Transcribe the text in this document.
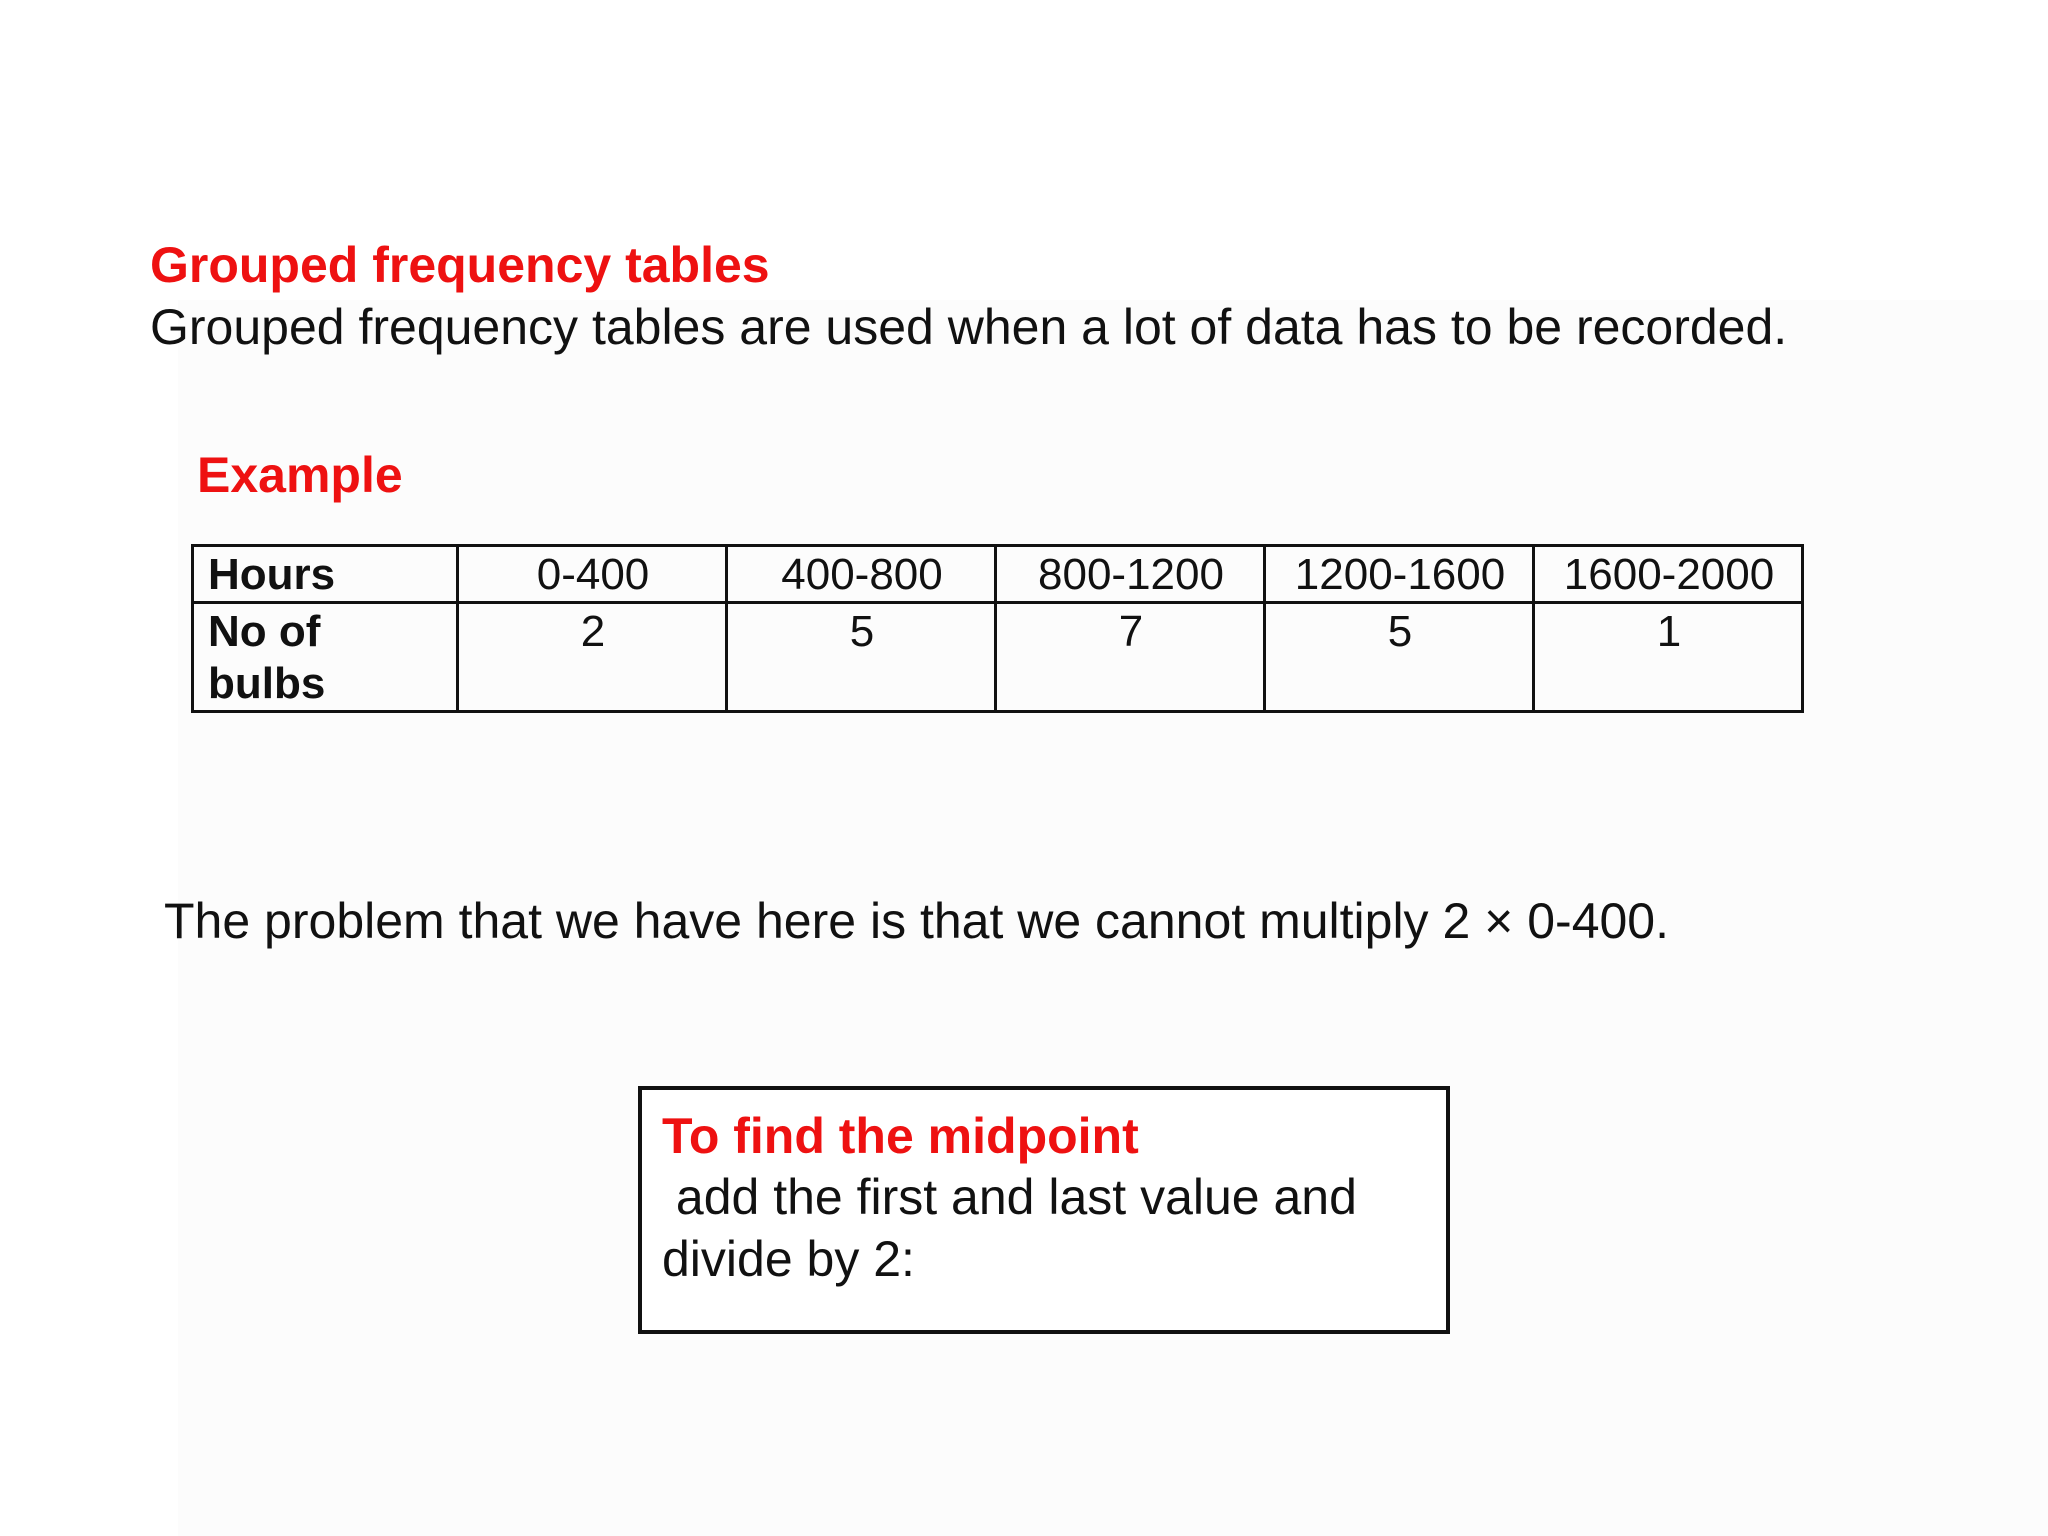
Grouped frequency tables
Grouped frequency tables are used when a lot of data has to be recorded.
Example
Hours	0-400	400-800	800-1200	1200-1600	1600-2000
No of bulbs	2	5	7	5	1
The problem that we have here is that we cannot multiply 2 × 0-400.
To find the midpoint
add the first and last value and divide by 2:
